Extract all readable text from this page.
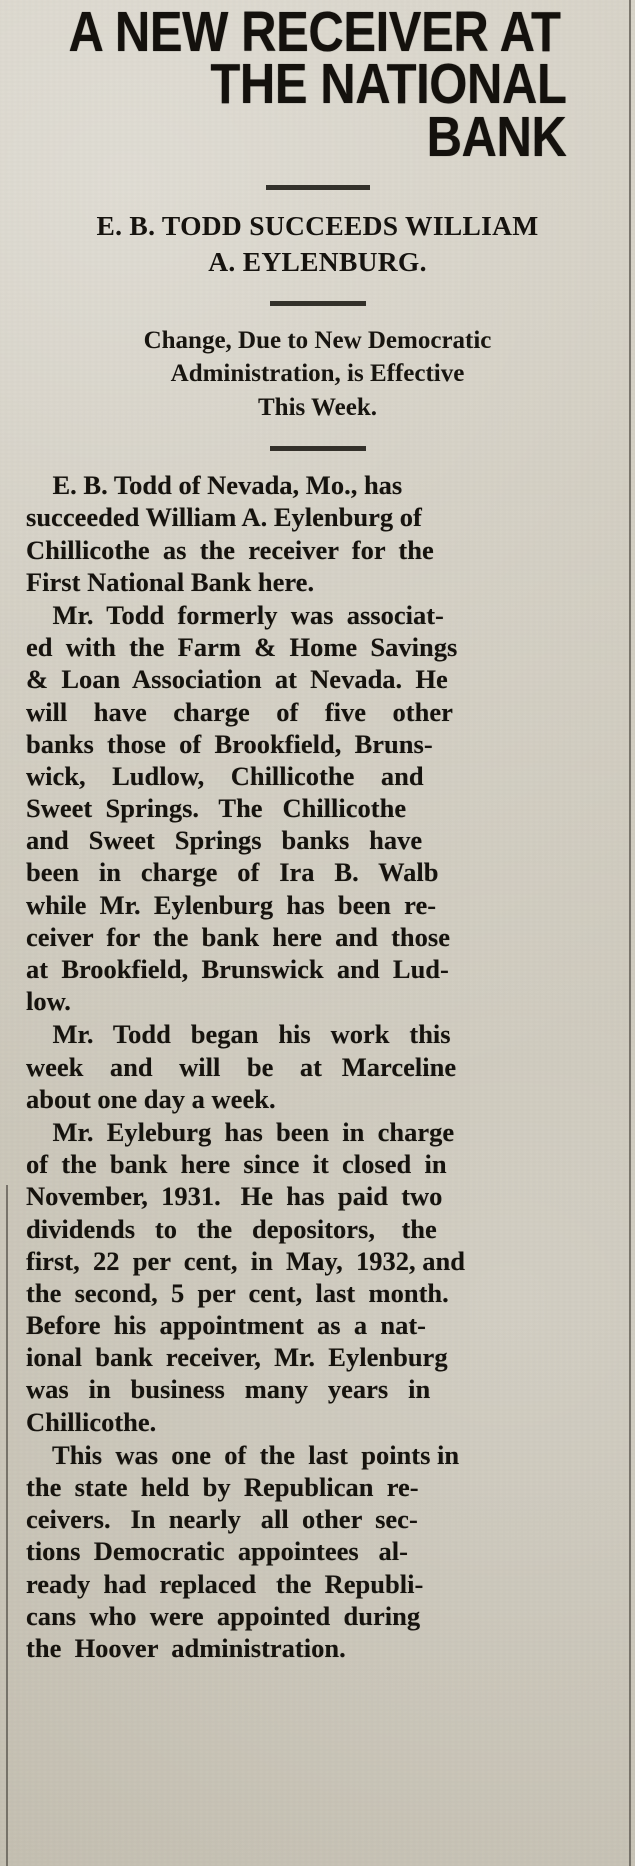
A NEW RECEIVER AT
THE NATIONAL BANK
E. B. TODD SUCCEEDS WILLIAM
A. EYLENBURG.
Change, Due to New Democratic
Administration, is Effective
This Week.

E. B. Todd of Nevada, Mo., has
succeeded William A. Eylenburg of
Chillicothe  as  the  receiver  for  the
First National Bank here.

Mr.  Todd  formerly  was  associat-
ed  with  the  Farm  &  Home  Savings
&  Loan  Association  at  Nevada.  He
will    have    charge    of    five    other
banks  those  of  Brookfield,  Bruns-
wick,    Ludlow,    Chillicothe    and
Sweet  Springs.   The   Chillicothe
and   Sweet   Springs   banks   have
been   in   charge   of   Ira   B.   Walb
while  Mr.  Eylenburg  has  been  re-
ceiver  for  the  bank  here  and  those
at  Brookfield,  Brunswick  and  Lud-
low.

Mr.   Todd   began   his   work   this
week    and    will    be    at   Marceline
about one day a week.

Mr.  Eyleburg  has  been  in  charge
of  the  bank  here  since  it  closed  in
November,  1931.   He  has  paid  two
dividends   to   the   depositors,    the
first,  22  per  cent,  in  May,  1932, and
the  second,  5  per  cent,  last  month.
Before  his  appointment  as  a  nat-
ional  bank  receiver,  Mr.  Eylenburg
was   in   business   many   years   in
Chillicothe.

This  was  one  of  the  last  points in
the  state  held  by  Republican  re-
ceivers.   In  nearly   all  other  sec-
tions  Democratic  appointees   al-
ready  had  replaced   the  Republi-
cans  who  were  appointed  during
the  Hoover  administration.
